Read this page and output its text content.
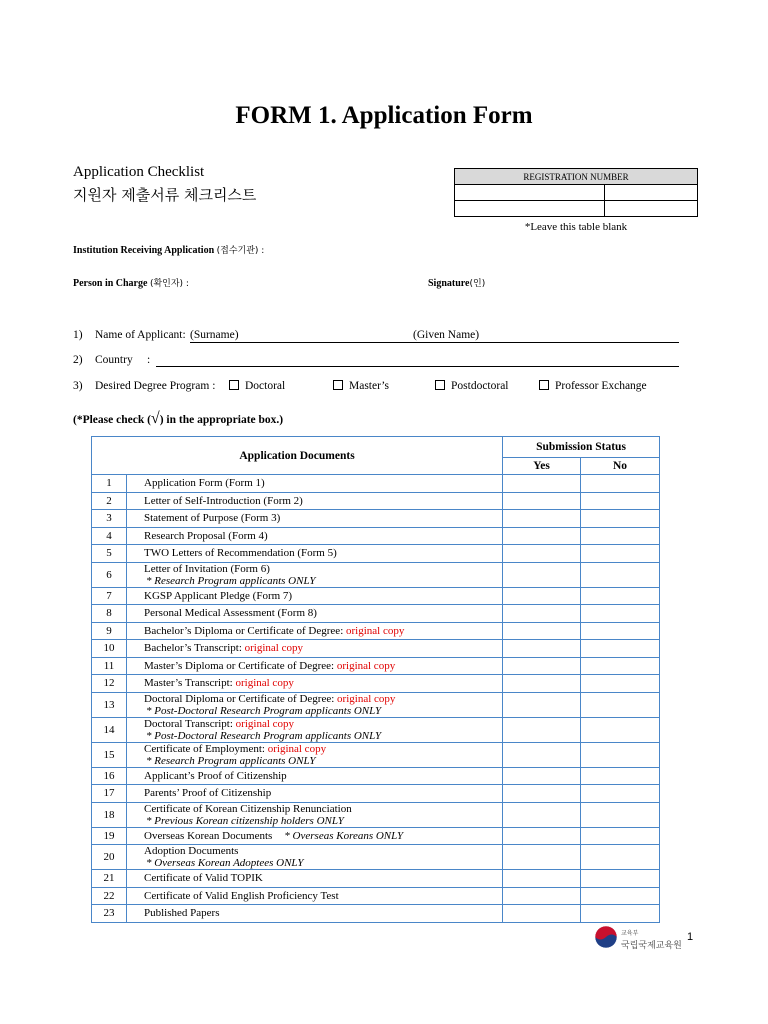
FORM 1. Application Form
Application Checklist
지원자 제출서류 체크리스트
REGISTRATION NUMBER	

*Leave this table blank
Institution Receiving Application (접수기관) :
Person in Charge (확인자) :	Signature(인)
1) Name of Applicant: (Surname)	(Given Name)
2) Country :
3) Desired Degree Program :	Doctoral	Master’s	Postdoctoral	Professor Exchange
(*Please check (√) in the appropriate box.)
Application Documents		Submission Status	
		Yes	No
1	Application Form (Form 1)		
2	Letter of Self-Introduction (Form 2)		
3	Statement of Purpose (Form 3)		
4	Research Proposal (Form 4)		
5	TWO Letters of Recommendation (Form 5)		
6	Letter of Invitation (Form 6)
* Research Program applicants ONLY		

7	KGSP Applicant Pledge (Form 7)		
8	Personal Medical Assessment (Form 8)		
9	Bachelor’s Diploma or Certificate of Degree: original copy		
10	Bachelor’s Transcript: original copy		
11	Master’s Diploma or Certificate of Degree: original copy		
12	Master’s Transcript: original copy		
13	Doctoral Diploma or Certificate of Degree: original copy
* Post-Doctoral Research Program applicants ONLY		

14	Doctoral Transcript: original copy
* Post-Doctoral Research Program applicants ONLY		

15	Certificate of Employment: original copy
* Research Program applicants ONLY		

16	Applicant’s Proof of Citizenship		
17	Parents’ Proof of Citizenship		
18	Certificate of Korean Citizenship Renunciation
* Previous Korean citizenship holders ONLY		

19	Overseas Korean Documents * Overseas Koreans ONLY		
20	Adoption Documents
* Overseas Korean Adoptees ONLY		

21	Certificate of Valid TOPIK		
22	Certificate of Valid English Proficiency Test		
23	Published Papers		
교육부
국립국제교육원
1
